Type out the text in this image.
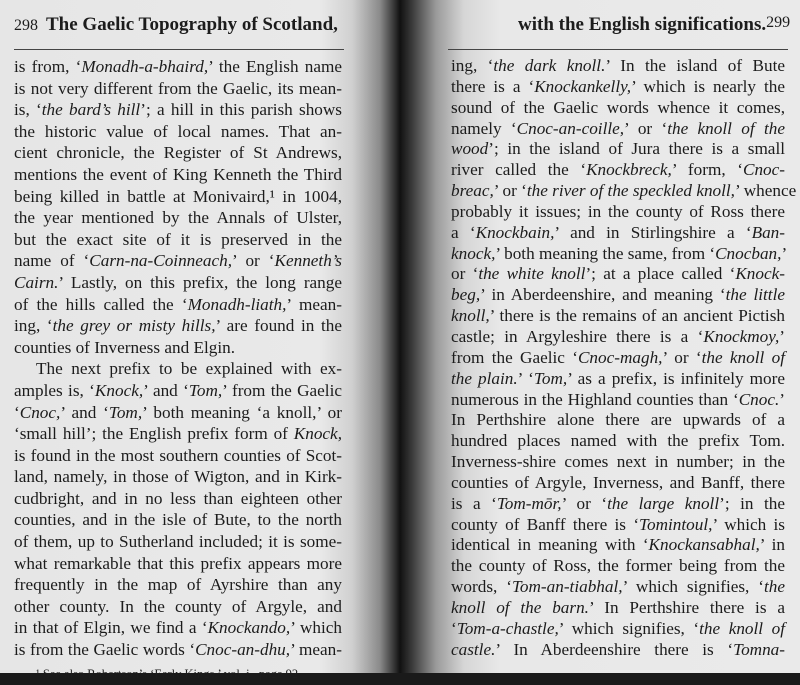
298 The Gaelic Topography of Scotland,
is from, ‘Monadh-a-bhaird,’ the English name
is not very different from the Gaelic, its mean-
is, ‘the bard’s hill’; a hill in this parish shows
the historic value of local names. That an-
cient chronicle, the Register of St Andrews,
mentions the event of King Kenneth the Third
being killed in battle at Monivaird,¹ in 1004,
the year mentioned by the Annals of Ulster,
but the exact site of it is preserved in the
name of ‘Carn-na-Coinneach,’ or ‘Kenneth’s
Cairn.’ Lastly, on this prefix, the long range
of the hills called the ‘Monadh-liath,’ mean-
ing, ‘the grey or misty hills,’ are found in the
counties of Inverness and Elgin.
The next prefix to be explained with ex-
amples is, ‘Knock,’ and ‘Tom,’ from the Gaelic
‘Cnoc,’ and ‘Tom,’ both meaning ‘a knoll,’ or
‘small hill’; the English prefix form of Knock,
is found in the most southern counties of Scot-
land, namely, in those of Wigton, and in Kirk-
cudbright, and in no less than eighteen other
counties, and in the isle of Bute, to the north
of them, up to Sutherland included; it is some-
what remarkable that this prefix appears more
frequently in the map of Ayrshire than any
other county. In the county of Argyle, and
in that of Elgin, we find a ‘Knockando,’ which
is from the Gaelic words ‘Cnoc-an-dhu,’ mean-
¹ See also Robertson’s ‘Early Kings,’ vol. i., page 92.
with the English significations. 299
ing, ‘the dark knoll.’ In the island of Bute
there is a ‘Knockankelly,’ which is nearly the
sound of the Gaelic words whence it comes,
namely ‘Cnoc-an-coille,’ or ‘the knoll of the
wood’; in the island of Jura there is a small
river called the ‘Knockbreck,’ form, ‘Cnoc-
breac,’ or ‘the river of the speckled knoll,’ whence
probably it issues; in the county of Ross there
a ‘Knockbain,’ and in Stirlingshire a ‘Ban-
knock,’ both meaning the same, from ‘Cnocban,’
or ‘the white knoll’; at a place called ‘Knock-
beg,’ in Aberdeenshire, and meaning ‘the little
knoll,’ there is the remains of an ancient Pictish
castle; in Argyleshire there is a ‘Knockmoy,’
from the Gaelic ‘Cnoc-magh,’ or ‘the knoll of
the plain.’ ‘Tom,’ as a prefix, is infinitely more
numerous in the Highland counties than ‘Cnoc.’
In Perthshire alone there are upwards of a
hundred places named with the prefix Tom.
Inverness-shire comes next in number; in the
counties of Argyle, Inverness, and Banff, there
is a ‘Tom-mōr,’ or ‘the large knoll’; in the
county of Banff there is ‘Tomintoul,’ which is
identical in meaning with ‘Knockansabhal,’ in
the county of Ross, the former being from the
words, ‘Tom-an-tiabhal,’ which signifies, ‘the
knoll of the barn.’ In Perthshire there is a
‘Tom-a-chastle,’ which signifies, ‘the knoll of
castle.’ In Aberdeenshire there is ‘Tomna-
